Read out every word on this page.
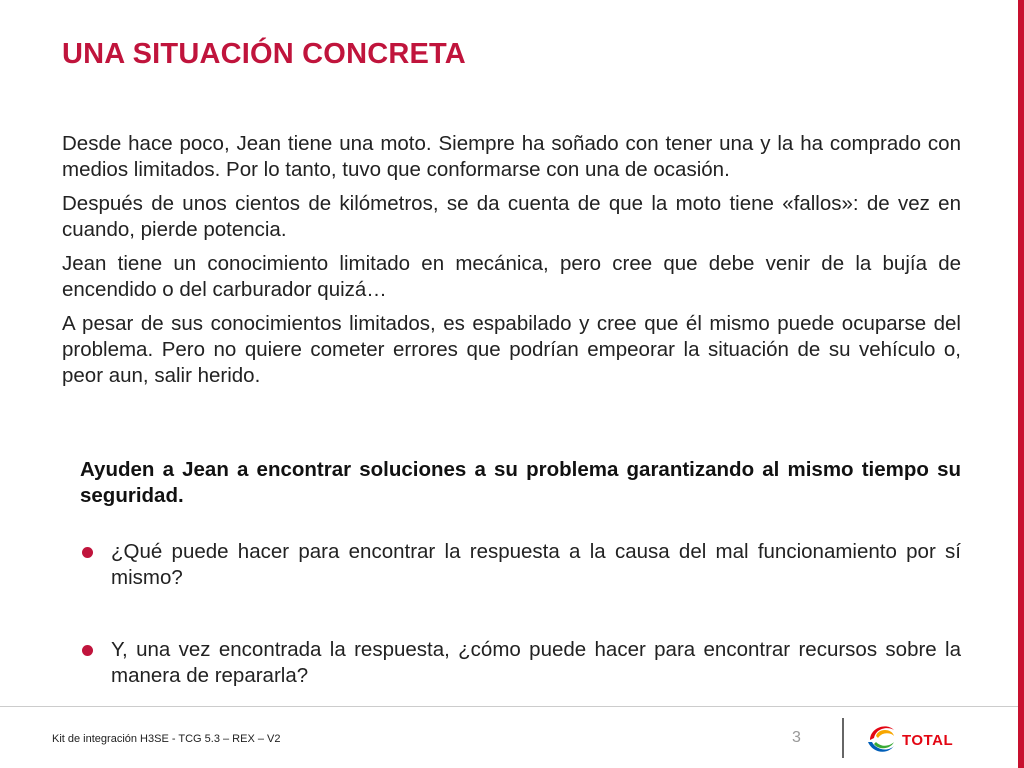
UNA SITUACIÓN CONCRETA

Desde hace poco, Jean tiene una moto. Siempre ha soñado con tener una y la ha comprado con medios limitados. Por lo tanto, tuvo que conformarse con una de ocasión.

Después de unos cientos de kilómetros, se da cuenta de que la moto tiene «fallos»: de vez en cuando, pierde potencia.

Jean tiene un conocimiento limitado en mecánica, pero cree que debe venir de la bujía de encendido o del carburador quizá…

A pesar de sus conocimientos limitados, es espabilado y cree que él mismo puede ocuparse del problema. Pero no quiere cometer errores que podrían empeorar la situación de su vehículo o, peor aun, salir herido.

Ayuden a Jean a encontrar soluciones a su problema garantizando al mismo tiempo su seguridad.

¿Qué puede hacer para encontrar la respuesta a la causa del mal funcionamiento por sí mismo?
Y, una vez encontrada la respuesta, ¿cómo puede hacer para encontrar recursos sobre la manera de repararla?
Kit de integración H3SE - TCG 5.3 – REX – V2	3	TOTAL
